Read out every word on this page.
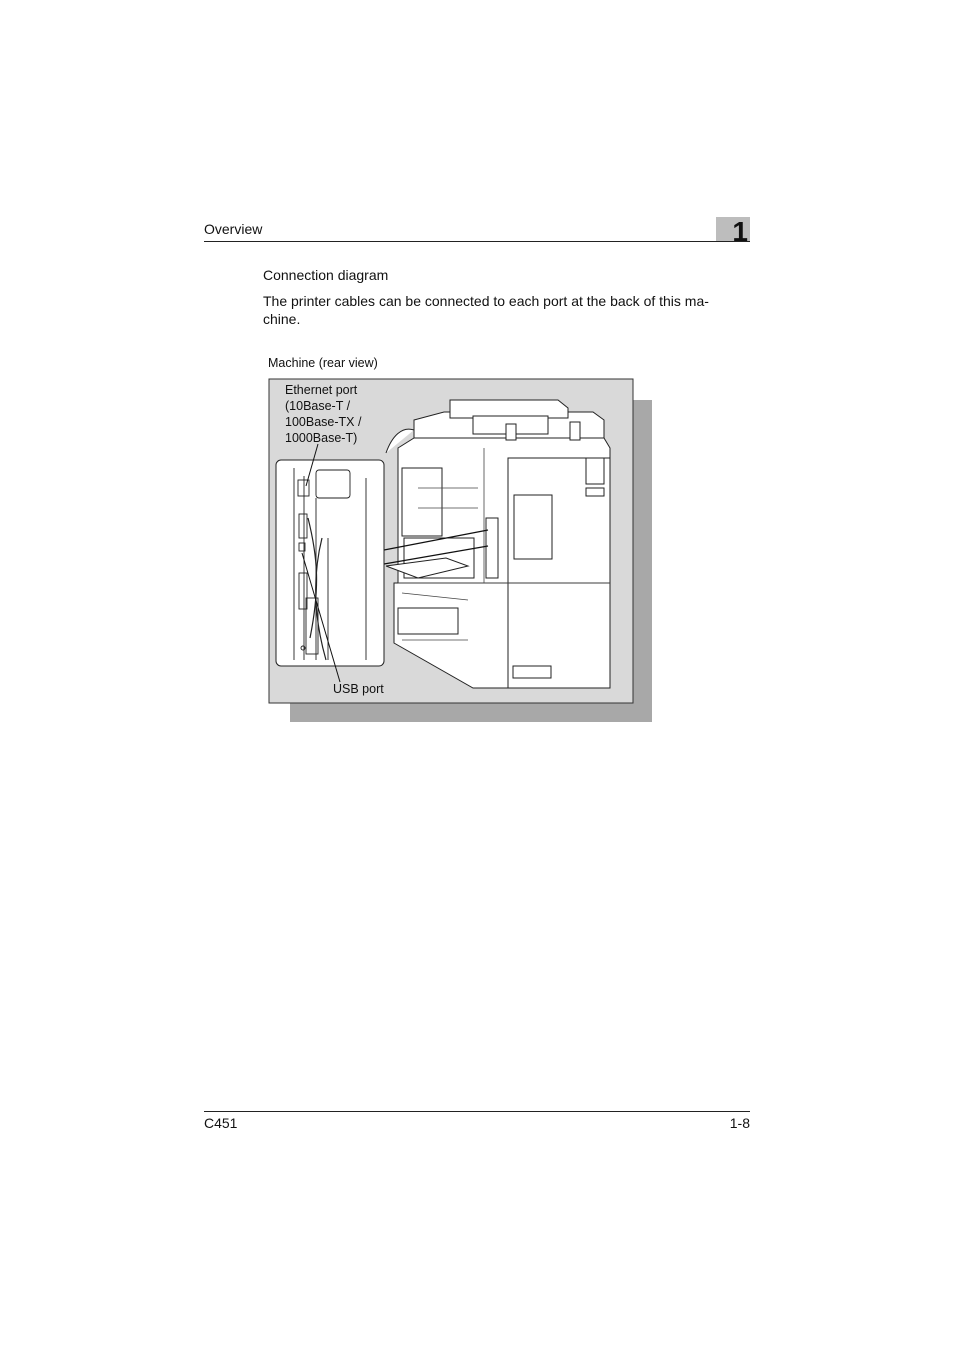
Overview	1
Connection diagram
The printer cables can be connected to each port at the back of this ma-chine.
Machine (rear view)
Ethernet port
(10Base-T /
100Base-TX /
1000Base-T)
USB port
C451	1-8
